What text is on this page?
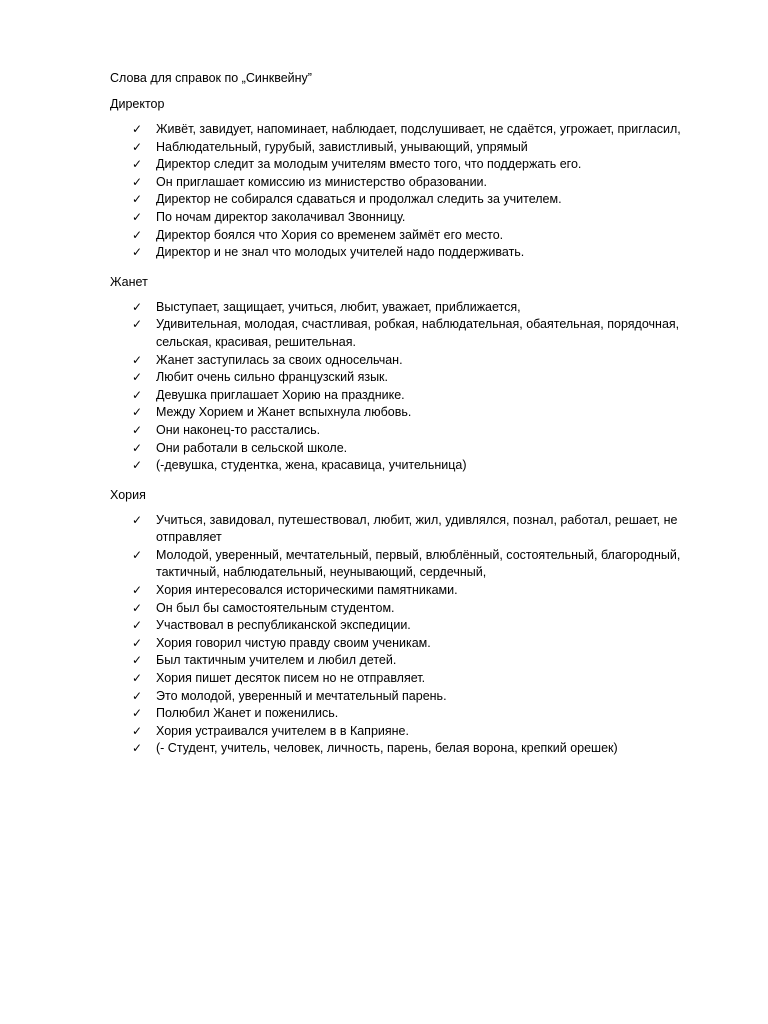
Слова для справок по „Синквейну”
Директор
✓ Живёт, завидует, напоминает, наблюдает, подслушивает, не сдаётся, угрожает, пригласил,
✓ Наблюдательный, гурубый, завистливый, унывающий, упрямый
✓ Директор следит за молодым учителям вместо того, что поддержать его.
✓ Он приглашает комиссию из министерство образовании.
✓ Директор не собирался сдаваться и продолжал следить за учителем.
✓ По ночам директор заколачивал Звонницу.
✓ Директор боялся что Хория со временем займёт его место.
✓ Директор и не знал что молодых учителей надо поддерживать.
Жанет
✓ Выступает, защищает, учиться, любит, уважает, приближается,
✓ Удивительная, молодая, счастливая, робкая, наблюдательная, обаятельная, порядочная, сельская, красивая, решительная.
✓ Жанет заступилась за своих односельчан.
✓ Любит очень сильно французский язык.
✓ Девушка приглашает Хорию на празднике.
✓ Между Хорием и Жанет вспыхнула любовь.
✓ Они наконец-то расстались.
✓ Они работали в сельской школе.
✓ (-девушка, студентка, жена, красавица, учительница)
Хория
✓ Учиться, завидовал, путешествовал, любит, жил, удивлялся, познал, работал, решает, не отправляет
✓ Молодой, уверенный, мечтательный, первый, влюблённый, состоятельный, благородный, тактичный, наблюдательный, неунывающий, сердечный,
✓ Хория интересовался историческими памятниками.
✓ Он был бы самостоятельным студентом.
✓ Участвовал в республиканской экспедиции.
✓ Хория говорил чистую правду своим ученикам.
✓ Был тактичным учителем и любил детей.
✓ Хория пишет десяток писем но не отправляет.
✓ Это молодой, уверенный и мечтательный парень.
✓ Полюбил Жанет и поженились.
✓ Хория устраивался учителем в в Каприяне.
✓ (- Студент, учитель, человек, личность, парень, белая ворона, крепкий орешек)
